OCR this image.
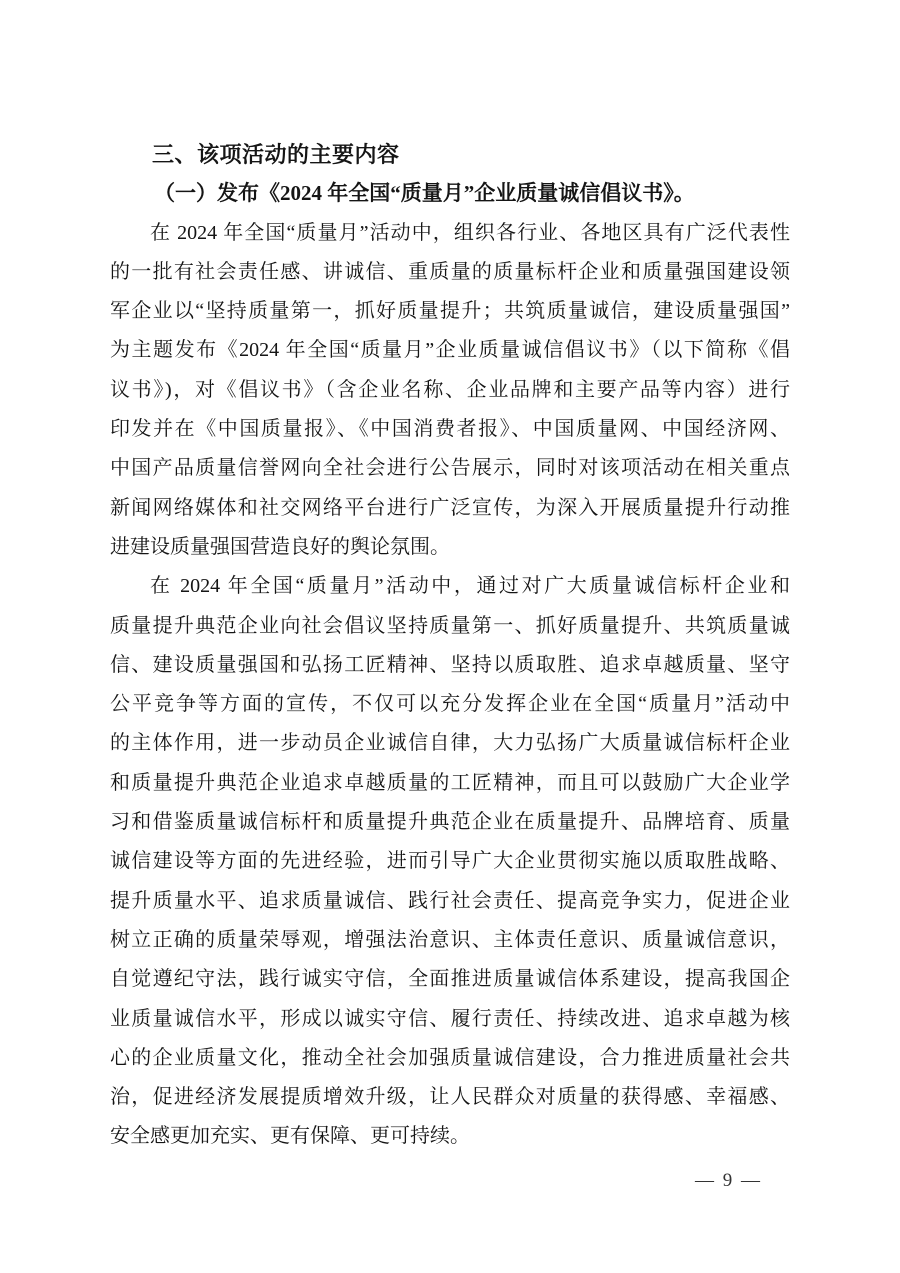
三、该项活动的主要内容
（一）发布《2024 年全国“质量月”企业质量诚信倡议书》。
在 2024 年全国“质量月”活动中，组织各行业、各地区具有广泛代表性
的一批有社会责任感、讲诚信、重质量的质量标杆企业和质量强国建设领
军企业以“坚持质量第一，抓好质量提升；共筑质量诚信，建设质量强国”
为主题发布《2024 年全国“质量月”企业质量诚信倡议书》（以下简称《倡
议书》)，对《倡议书》（含企业名称、企业品牌和主要产品等内容）进行
印发并在《中国质量报》、《中国消费者报》、中国质量网、中国经济网、
中国产品质量信誉网向全社会进行公告展示，同时对该项活动在相关重点
新闻网络媒体和社交网络平台进行广泛宣传，为深入开展质量提升行动推
进建设质量强国营造良好的舆论氛围。
在 2024 年全国“质量月”活动中，通过对广大质量诚信标杆企业和
质量提升典范企业向社会倡议坚持质量第一、抓好质量提升、共筑质量诚
信、建设质量强国和弘扬工匠精神、坚持以质取胜、追求卓越质量、坚守
公平竞争等方面的宣传，不仅可以充分发挥企业在全国“质量月”活动中
的主体作用，进一步动员企业诚信自律，大力弘扬广大质量诚信标杆企业
和质量提升典范企业追求卓越质量的工匠精神，而且可以鼓励广大企业学
习和借鉴质量诚信标杆和质量提升典范企业在质量提升、品牌培育、质量
诚信建设等方面的先进经验，进而引导广大企业贯彻实施以质取胜战略、
提升质量水平、追求质量诚信、践行社会责任、提高竞争实力，促进企业
树立正确的质量荣辱观，增强法治意识、主体责任意识、质量诚信意识，
自觉遵纪守法，践行诚实守信，全面推进质量诚信体系建设，提高我国企
业质量诚信水平，形成以诚实守信、履行责任、持续改进、追求卓越为核
心的企业质量文化，推动全社会加强质量诚信建设，合力推进质量社会共
治，促进经济发展提质增效升级，让人民群众对质量的获得感、幸福感、
安全感更加充实、更有保障、更可持续。
— 9 —
